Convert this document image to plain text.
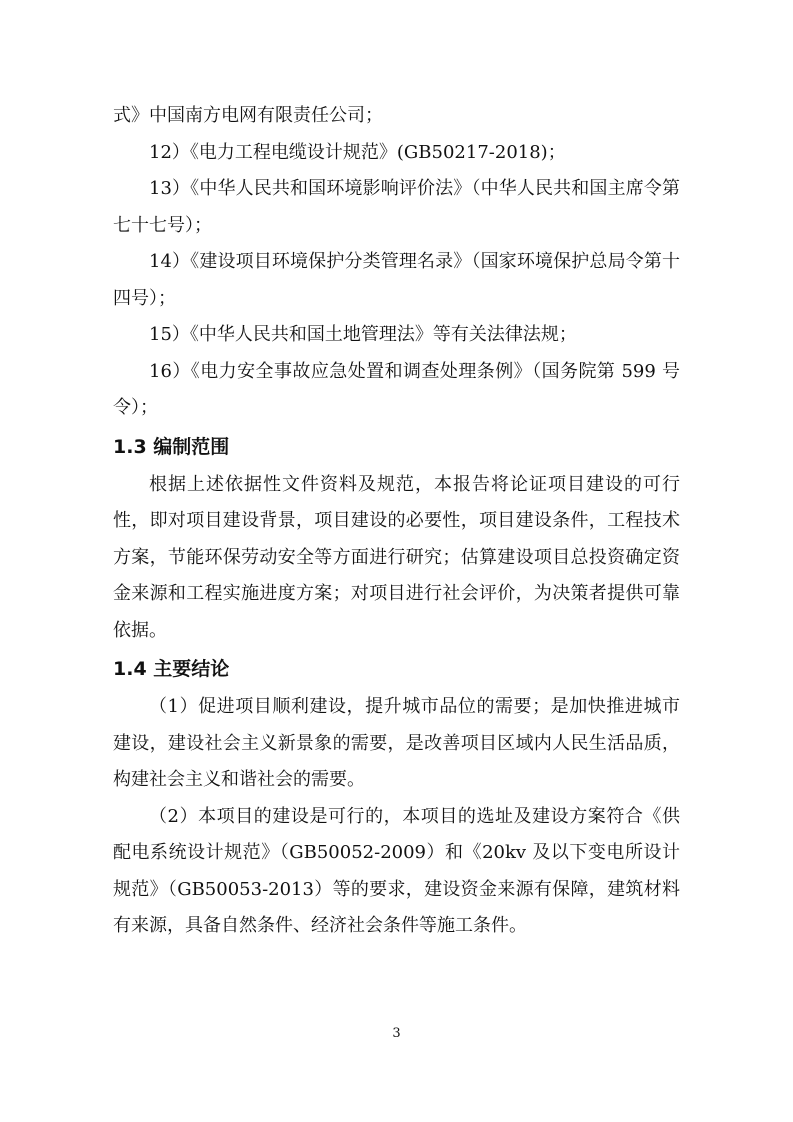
式》中国南方电网有限责任公司；

12）《电力工程电缆设计规范》(GB50217-2018)；

13）《中华人民共和国环境影响评价法》（中华人民共和国主席令第七十七号）；

14）《建设项目环境保护分类管理名录》（国家环境保护总局令第十四号）；

15）《中华人民共和国土地管理法》等有关法律法规；

16）《电力安全事故应急处置和调查处理条例》（国务院第 599 号令）；

1.3 编制范围

根据上述依据性文件资料及规范，本报告将论证项目建设的可行性，即对项目建设背景，项目建设的必要性，项目建设条件，工程技术方案，节能环保劳动安全等方面进行研究；估算建设项目总投资确定资金来源和工程实施进度方案；对项目进行社会评价，为决策者提供可靠依据。

1.4 主要结论

（1）促进项目顺利建设，提升城市品位的需要；是加快推进城市建设，建设社会主义新景象的需要，是改善项目区域内人民生活品质，构建社会主义和谐社会的需要。

（2）本项目的建设是可行的，本项目的选址及建设方案符合《供配电系统设计规范》（GB50052-2009）和《20kv 及以下变电所设计规范》（GB50053-2013）等的要求，建设资金来源有保障，建筑材料有来源，具备自然条件、经济社会条件等施工条件。

3
